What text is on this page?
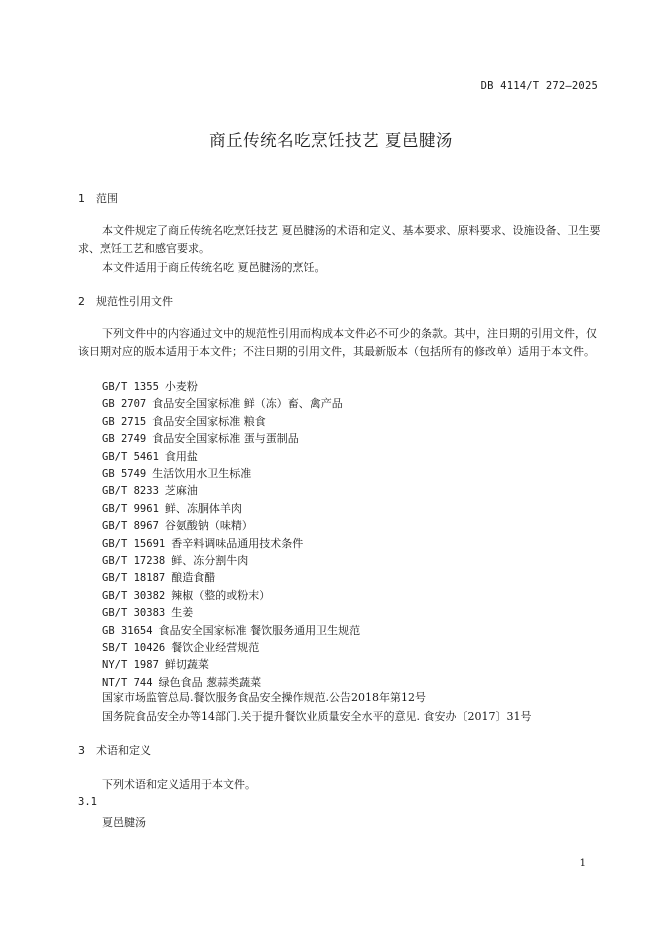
DB 4114/T 272—2025
商丘传统名吃烹饪技艺 夏邑腱汤
1 范围
本文件规定了商丘传统名吃烹饪技艺 夏邑腱汤的术语和定义、基本要求、原料要求、设施设备、卫生要求、烹饪工艺和感官要求。
本文件适用于商丘传统名吃 夏邑腱汤的烹饪。
2 规范性引用文件
下列文件中的内容通过文中的规范性引用而构成本文件必不可少的条款。其中，注日期的引用文件，仅该日期对应的版本适用于本文件；不注日期的引用文件，其最新版本（包括所有的修改单）适用于本文件。
GB/T 1355 小麦粉
GB 2707 食品安全国家标准 鲜（冻）畜、禽产品
GB 2715 食品安全国家标准 粮食
GB 2749 食品安全国家标准 蛋与蛋制品
GB/T 5461 食用盐
GB 5749 生活饮用水卫生标准
GB/T 8233 芝麻油
GB/T 9961 鲜、冻胴体羊肉
GB/T 8967 谷氨酸钠（味精）
GB/T 15691 香辛料调味品通用技术条件
GB/T 17238 鲜、冻分割牛肉
GB/T 18187 酿造食醋
GB/T 30382 辣椒（整的或粉末）
GB/T 30383 生姜
GB 31654 食品安全国家标准 餐饮服务通用卫生规范
SB/T 10426 餐饮企业经营规范
NY/T 1987 鲜切蔬菜
NT/T 744 绿色食品 葱蒜类蔬菜
国家市场监管总局.餐饮服务食品安全操作规范.公告2018年第12号
国务院食品安全办等14部门.关于提升餐饮业质量安全水平的意见. 食安办〔2017〕31号
3 术语和定义
下列术语和定义适用于本文件。
3.1
夏邑腱汤
1
